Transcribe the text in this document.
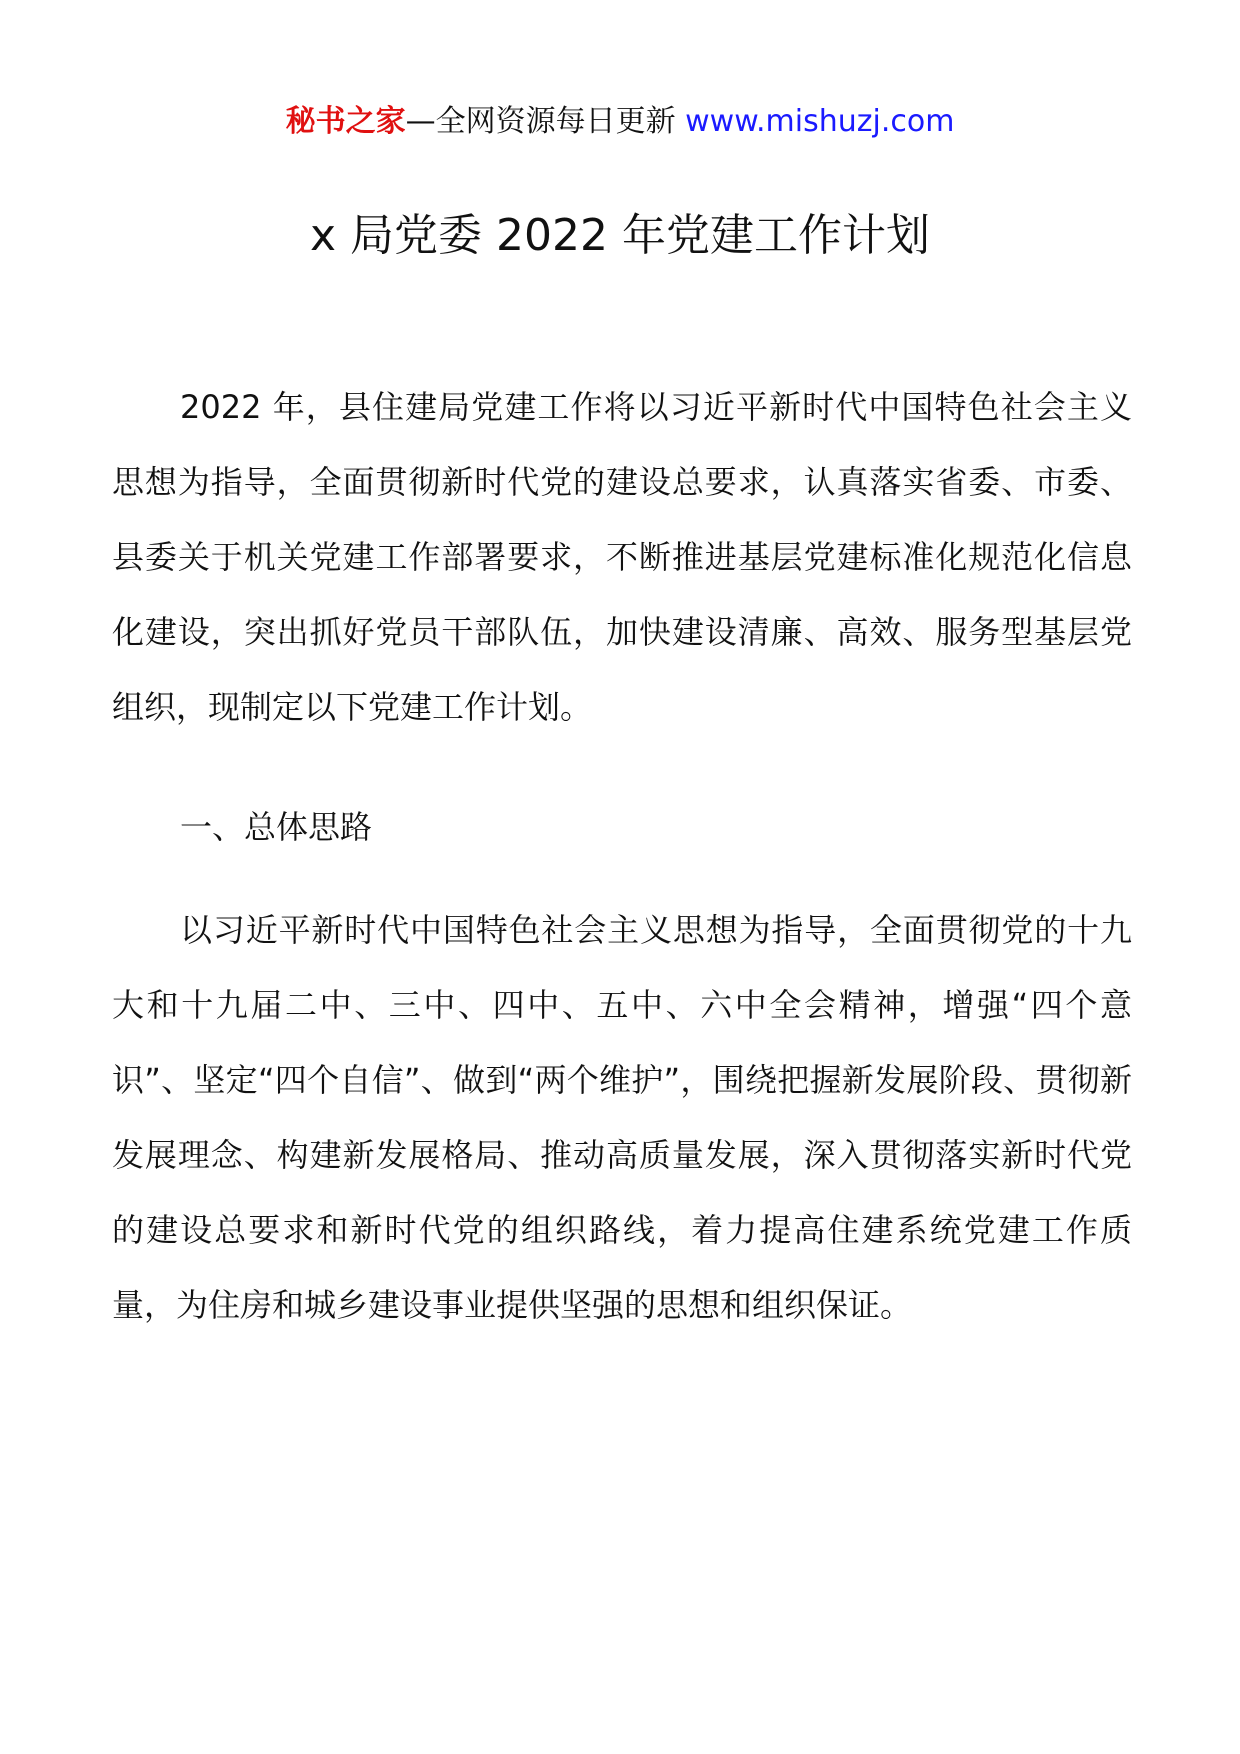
秘书之家—全网资源每日更新 www.mishuzj.com
x 局党委 2022 年党建工作计划

2022 年，县住建局党建工作将以习近平新时代中国特色社会主义思想为指导，全面贯彻新时代党的建设总要求，认真落实省委、市委、县委关于机关党建工作部署要求，不断推进基层党建标准化规范化信息化建设，突出抓好党员干部队伍，加快建设清廉、高效、服务型基层党组织，现制定以下党建工作计划。

一、总体思路

以习近平新时代中国特色社会主义思想为指导，全面贯彻党的十九大和十九届二中、三中、四中、五中、六中全会精神，增强“四个意识”、坚定“四个自信”、做到“两个维护”，围绕把握新发展阶段、贯彻新发展理念、构建新发展格局、推动高质量发展，深入贯彻落实新时代党的建设总要求和新时代党的组织路线，着力提高住建系统党建工作质量，为住房和城乡建设事业提供坚强的思想和组织保证。
